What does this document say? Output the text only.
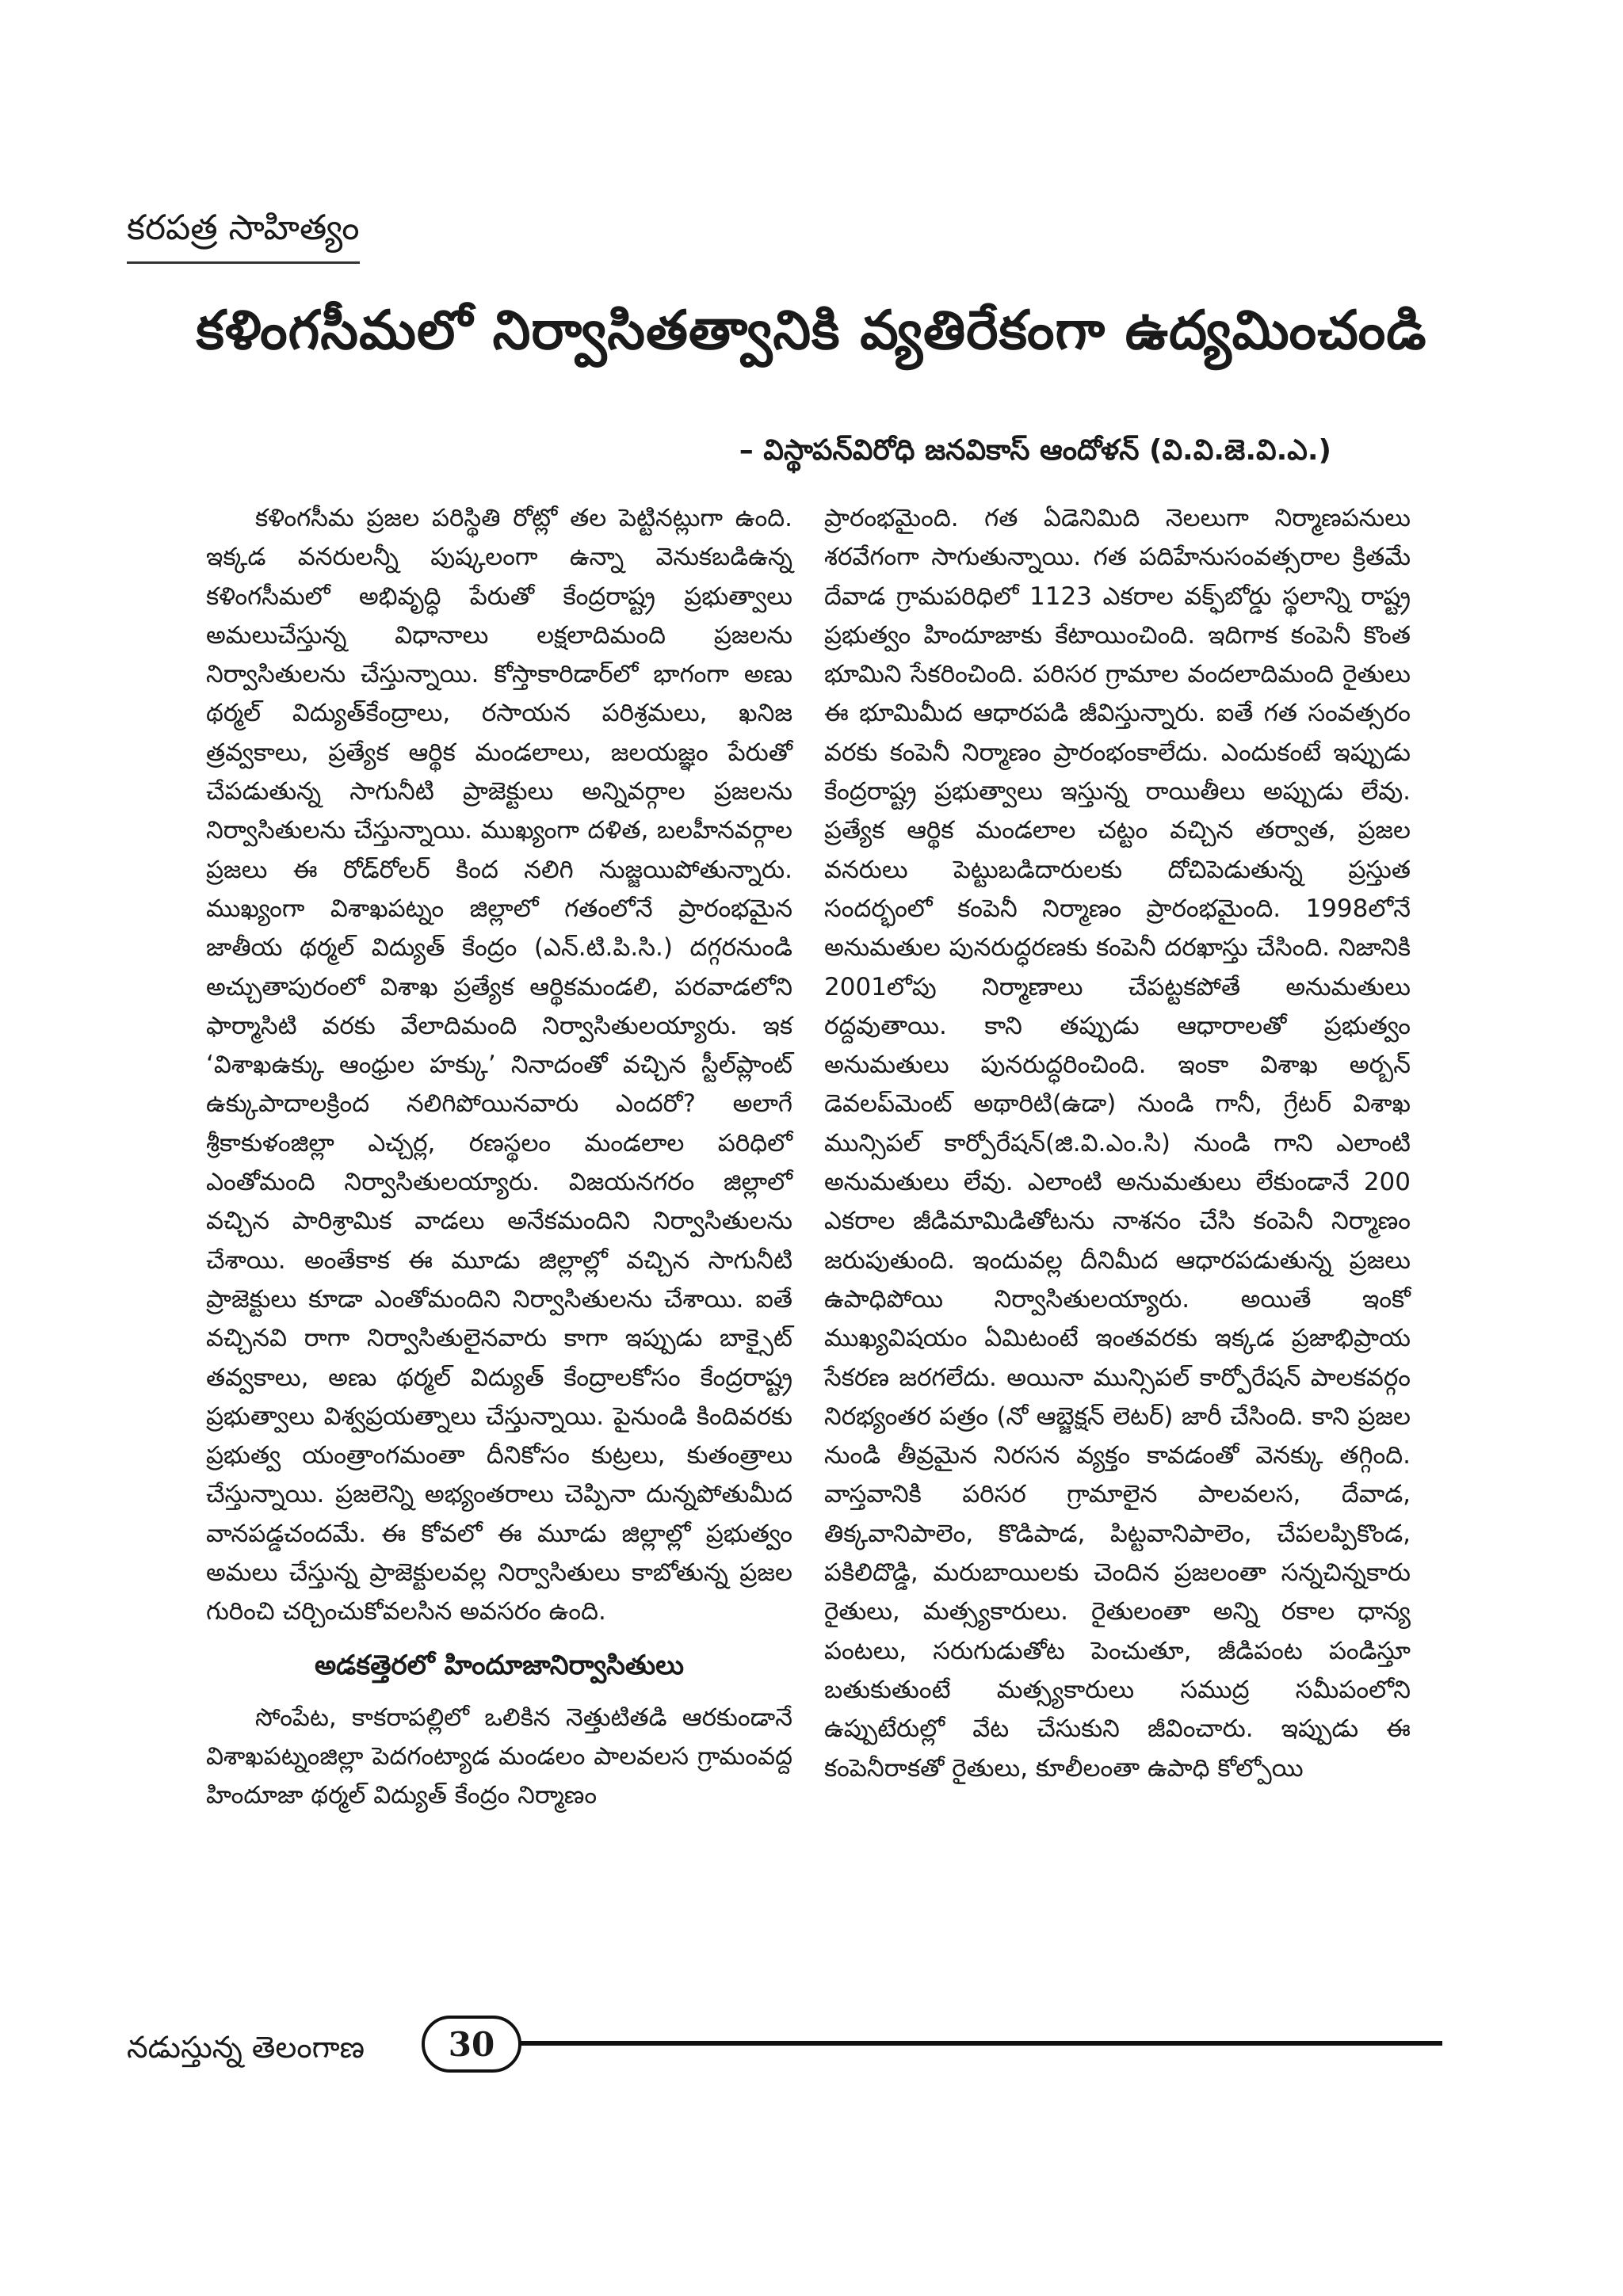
కరపత్ర సాహిత్యం
కళింగసీమలో నిర్వాసితత్వానికి వ్యతిరేకంగా ఉద్యమించండి
– విస్థాపన్‌విరోధి జనవికాస్ ఆందోళన్ (వి.వి.జె.వి.ఎ.)

కళింగసీమ ప్రజల పరిస్థితి రోట్లో తల పెట్టినట్లుగా ఉంది. ఇక్కడ వనరులన్నీ పుష్కలంగా ఉన్నా వెనుకబడిఉన్న కళింగసీమలో అభివృద్ధి పేరుతో కేంద్రరాష్ట్ర ప్రభుత్వాలు అమలుచేస్తున్న విధానాలు లక్షలాదిమంది ప్రజలను నిర్వాసితులను చేస్తున్నాయి. కోస్తాకారిడార్‌లో భాగంగా అణు థర్మల్ విద్యుత్‌కేంద్రాలు, రసాయన పరిశ్రమలు, ఖనిజ త్రవ్వకాలు, ప్రత్యేక ఆర్థిక మండలాలు, జలయజ్ఞం పేరుతో చేపడుతున్న సాగునీటి ప్రాజెక్టులు అన్నివర్గాల ప్రజలను నిర్వాసితులను చేస్తున్నాయి. ముఖ్యంగా దళిత, బలహీనవర్గాల ప్రజలు ఈ రోడ్‌రోలర్ కింద నలిగి నుజ్జయిపోతున్నారు. ముఖ్యంగా విశాఖపట్నం జిల్లాలో గతంలోనే ప్రారంభమైన జాతీయ థర్మల్ విద్యుత్ కేంద్రం (ఎన్.టి.పి.సి.) దగ్గరనుండి అచ్చుతాపురంలో విశాఖ ప్రత్యేక ఆర్థికమండలి, పరవాడలోని ఫార్మాసిటి వరకు వేలాదిమంది నిర్వాసితులయ్యారు. ఇక ‘విశాఖఉక్కు ఆంధ్రుల హక్కు’ నినాదంతో వచ్చిన స్టీల్‌ప్లాంట్ ఉక్కుపాదాలక్రింద నలిగిపోయినవారు ఎందరో? అలాగే శ్రీకాకుళంజిల్లా ఎచ్చర్ల, రణస్థలం మండలాల పరిధిలో ఎంతోమంది నిర్వాసితులయ్యారు. విజయనగరం జిల్లాలో వచ్చిన పారిశ్రామిక వాడలు అనేకమందిని నిర్వాసితులను చేశాయి. అంతేకాక ఈ మూడు జిల్లాల్లో వచ్చిన సాగునీటి ప్రాజెక్టులు కూడా ఎంతోమందిని నిర్వాసితులను చేశాయి. ఐతే వచ్చినవి రాగా నిర్వాసితులైనవారు కాగా ఇప్పుడు బాక్సైట్ తవ్వకాలు, అణు థర్మల్ విద్యుత్ కేంద్రాలకోసం కేంద్రరాష్ట్ర ప్రభుత్వాలు విశ్వప్రయత్నాలు చేస్తున్నాయి. పైనుండి కిందివరకు ప్రభుత్వ యంత్రాంగమంతా దీనికోసం కుట్రలు, కుతంత్రాలు చేస్తున్నాయి. ప్రజలెన్ని అభ్యంతరాలు చెప్పినా దున్నపోతుమీద వానపడ్డచందమే. ఈ కోవలో ఈ మూడు జిల్లాల్లో ప్రభుత్వం అమలు చేస్తున్న ప్రాజెక్టులవల్ల నిర్వాసితులు కాబోతున్న ప్రజల గురించి చర్చించుకోవలసిన అవసరం ఉంది.

అడకత్తెరలో హిందూజానిర్వాసితులు

సోంపేట, కాకరాపల్లిలో ఒలికిన నెత్తుటితడి ఆరకుండానే విశాఖపట్నంజిల్లా పెదగంట్యాడ మండలం పాలవలస గ్రామంవద్ద హిందూజా థర్మల్ విద్యుత్ కేంద్రం నిర్మాణం

ప్రారంభమైంది. గత ఏడెనిమిది నెలలుగా నిర్మాణపనులు శరవేగంగా సాగుతున్నాయి. గత పదిహేనుసంవత్సరాల క్రితమే దేవాడ గ్రామపరిధిలో 1123 ఎకరాల వక్ఫ్‌బోర్డు స్థలాన్ని రాష్ట్ర ప్రభుత్వం హిందూజాకు కేటాయించింది. ఇదిగాక కంపెనీ కొంత భూమిని సేకరించింది. పరిసర గ్రామాల వందలాదిమంది రైతులు ఈ భూమిమీద ఆధారపడి జీవిస్తున్నారు. ఐతే గత సంవత్సరం వరకు కంపెనీ నిర్మాణం ప్రారంభంకాలేదు. ఎందుకంటే ఇప్పుడు కేంద్రరాష్ట్ర ప్రభుత్వాలు ఇస్తున్న రాయితీలు అప్పుడు లేవు. ప్రత్యేక ఆర్థిక మండలాల చట్టం వచ్చిన తర్వాత, ప్రజల వనరులు పెట్టుబడిదారులకు దోచిపెడుతున్న ప్రస్తుత సందర్భంలో కంపెనీ నిర్మాణం ప్రారంభమైంది. 1998లోనే అనుమతుల పునరుద్ధరణకు కంపెనీ దరఖాస్తు చేసింది. నిజానికి 2001లోపు నిర్మాణాలు చేపట్టకపోతే అనుమతులు రద్దవుతాయి. కాని తప్పుడు ఆధారాలతో ప్రభుత్వం అనుమతులు పునరుద్ధరించింది. ఇంకా విశాఖ అర్బన్ డెవలప్‌మెంట్ అథారిటి(ఉడా) నుండి గానీ, గ్రేటర్ విశాఖ మున్సిపల్ కార్పోరేషన్(జి.వి.ఎం.సి) నుండి గాని ఎలాంటి అనుమతులు లేవు. ఎలాంటి అనుమతులు లేకుండానే 200 ఎకరాల జీడిమామిడితోటను నాశనం చేసి కంపెనీ నిర్మాణం జరుపుతుంది. ఇందువల్ల దీనిమీద ఆధారపడుతున్న ప్రజలు ఉపాధిపోయి నిర్వాసితులయ్యారు. అయితే ఇంకో ముఖ్యవిషయం ఏమిటంటే ఇంతవరకు ఇక్కడ ప్రజాభిప్రాయ సేకరణ జరగలేదు. అయినా మున్సిపల్ కార్పోరేషన్ పాలకవర్గం నిరభ్యంతర పత్రం (నో ఆబ్జెక్షన్ లెటర్) జారీ చేసింది. కాని ప్రజల నుండి తీవ్రమైన నిరసన వ్యక్తం కావడంతో వెనక్కు తగ్గింది. వాస్తవానికి పరిసర గ్రామాలైన పాలవలస, దేవాడ, తిక్కవానిపాలెం, కొడిపాడ, పిట్టవానిపాలెం, చేపలప్పికొండ, పకిలిదొడ్డి, మరుబాయిలకు చెందిన ప్రజలంతా సన్నచిన్నకారు రైతులు, మత్స్యకారులు. రైతులంతా అన్ని రకాల ధాన్య పంటలు, సరుగుడుతోట పెంచుతూ, జీడిపంట పండిస్తూ బతుకుతుంటే మత్స్యకారులు సముద్ర సమీపంలోని ఉప్పుటేరుల్లో వేట చేసుకుని జీవించారు. ఇప్పుడు ఈ కంపెనీరాకతో రైతులు, కూలీలంతా ఉపాధి కోల్పోయి

నడుస్తున్న తెలంగాణ	30
